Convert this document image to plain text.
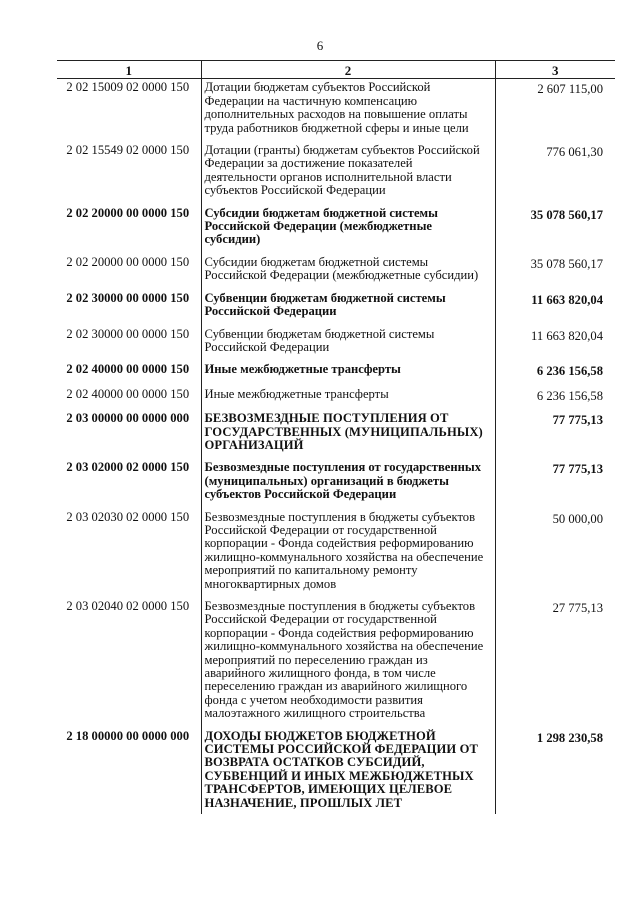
6
1	2	3
2 02 15009 02 0000 150	Дотации бюджетам субъектов Российской Федерации на частичную компенсацию дополнительных расходов на повышение оплаты труда работников бюджетной сферы и иные цели	2 607 115,00
2 02 15549 02 0000 150	Дотации (гранты) бюджетам субъектов Российской Федерации за достижение показателей деятельности органов исполнительной власти субъектов Российской Федерации	776 061,30
2 02 20000 00 0000 150	Субсидии бюджетам бюджетной системы Российской Федерации (межбюджетные субсидии)	35 078 560,17
2 02 20000 00 0000 150	Субсидии бюджетам бюджетной системы Российской Федерации (межбюджетные субсидии)	35 078 560,17
2 02 30000 00 0000 150	Субвенции бюджетам бюджетной системы Российской Федерации	11 663 820,04
2 02 30000 00 0000 150	Субвенции бюджетам бюджетной системы Российской Федерации	11 663 820,04
2 02 40000 00 0000 150	Иные межбюджетные трансферты	6 236 156,58
2 02 40000 00 0000 150	Иные межбюджетные трансферты	6 236 156,58
2 03 00000 00 0000 000	БЕЗВОЗМЕЗДНЫЕ ПОСТУПЛЕНИЯ ОТ ГОСУДАРСТВЕННЫХ (МУНИЦИПАЛЬНЫХ) ОРГАНИЗАЦИЙ	77 775,13
2 03 02000 02 0000 150	Безвозмездные поступления от государственных (муниципальных) организаций в бюджеты субъектов Российской Федерации	77 775,13
2 03 02030 02 0000 150	Безвозмездные поступления в бюджеты субъектов Российской Федерации от государственной корпорации - Фонда содействия реформированию жилищно-коммунального хозяйства на обеспечение мероприятий по капитальному ремонту многоквартирных домов	50 000,00
2 03 02040 02 0000 150	Безвозмездные поступления в бюджеты субъектов Российской Федерации от государственной корпорации - Фонда содействия реформированию жилищно-коммунального хозяйства на обеспечение мероприятий по переселению граждан из аварийного жилищного фонда, в том числе переселению граждан из аварийного жилищного фонда с учетом необходимости развития малоэтажного жилищного строительства	27 775,13
2 18 00000 00 0000 000	ДОХОДЫ БЮДЖЕТОВ БЮДЖЕТНОЙ СИСТЕМЫ РОССИЙСКОЙ ФЕДЕРАЦИИ ОТ ВОЗВРАТА ОСТАТКОВ СУБСИДИЙ, СУБВЕНЦИЙ И ИНЫХ МЕЖБЮДЖЕТНЫХ ТРАНСФЕРТОВ, ИМЕЮЩИХ ЦЕЛЕВОЕ НАЗНАЧЕНИЕ, ПРОШЛЫХ ЛЕТ	1 298 230,58
